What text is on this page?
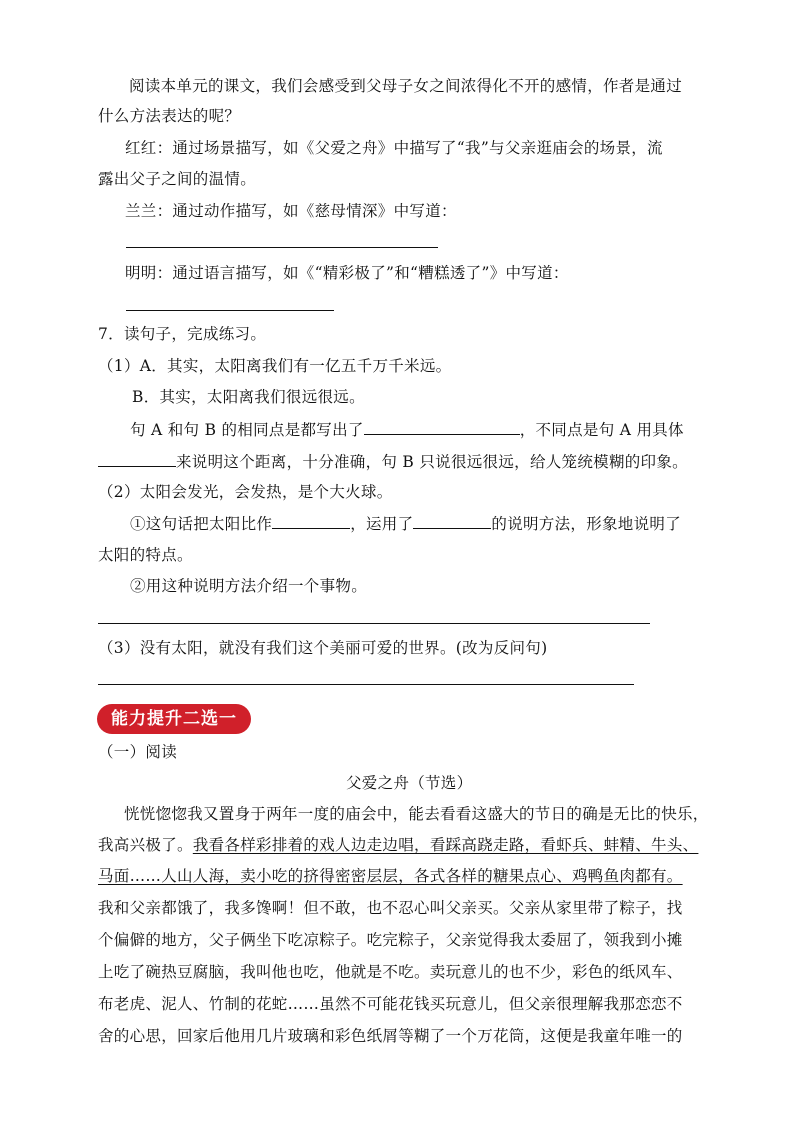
阅读本单元的课文，我们会感受到父母子女之间浓得化不开的感情，作者是通过
什么方法表达的呢？
红红：通过场景描写，如《父爱之舟》中描写了“我”与父亲逛庙会的场景，流
露出父子之间的温情。
兰兰：通过动作描写，如《慈母情深》中写道：
明明：通过语言描写，如《“精彩极了”和“糟糕透了”》中写道：
7．读句子，完成练习。
（1）A．其实，太阳离我们有一亿五千万千米远。
B．其实，太阳离我们很远很远。
句 A 和句 B 的相同点是都写出了	，不同点是句 A 用具体
来说明这个距离，十分准确，句 B 只说很远很远，给人笼统模糊的印象。
（2）太阳会发光，会发热，是个大火球。
①这句话把太阳比作	，运用了	的说明方法，形象地说明了
太阳的特点。
②用这种说明方法介绍一个事物。
（3）没有太阳，就没有我们这个美丽可爱的世界。(改为反问句)
能力提升二选一
（一）阅读
父爱之舟（节选）
恍恍惚惚我又置身于两年一度的庙会中，能去看看这盛大的节日的确是无比的快乐，
我高兴极了。我看各样彩排着的戏人边走边唱，看踩高跷走路，看虾兵、蚌精、牛头、
马面……人山人海，卖小吃的挤得密密层层，各式各样的糖果点心、鸡鸭鱼肉都有。
我和父亲都饿了，我多馋啊！但不敢，也不忍心叫父亲买。父亲从家里带了粽子，找
个偏僻的地方，父子俩坐下吃凉粽子。吃完粽子，父亲觉得我太委屈了，领我到小摊
上吃了碗热豆腐脑，我叫他也吃，他就是不吃。卖玩意儿的也不少，彩色的纸风车、
布老虎、泥人、竹制的花蛇……虽然不可能花钱买玩意儿，但父亲很理解我那恋恋不
舍的心思，回家后他用几片玻璃和彩色纸屑等糊了一个万花筒，这便是我童年唯一的
